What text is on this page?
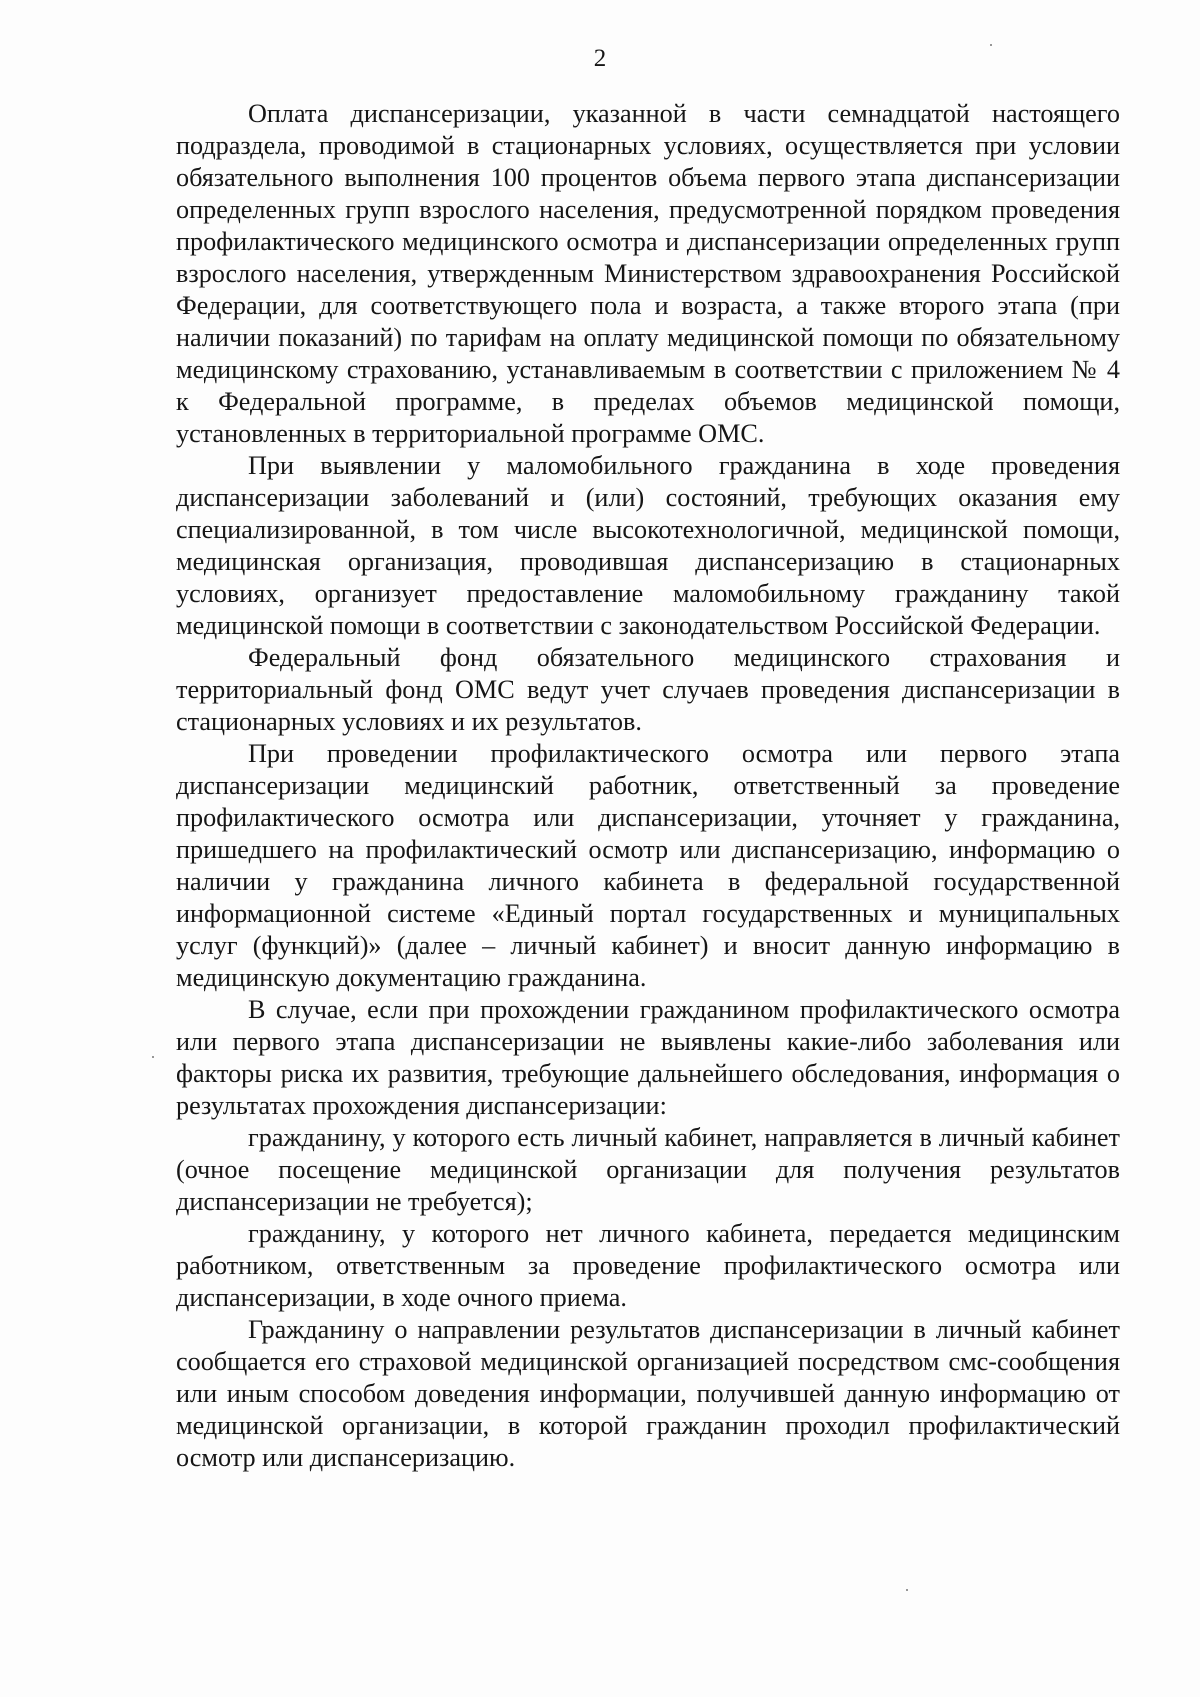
2

Оплата диспансеризации, указанной в части семнадцатой настоящего подраздела, проводимой в стационарных условиях, осуществляется при условии обязательного выполнения 100 процентов объема первого этапа диспансеризации определенных групп взрослого населения, предусмотренной порядком проведения профилактического медицинского осмотра и диспансеризации определенных групп взрослого населения, утвержденным Министерством здравоохранения Российской Федерации, для соответствующего пола и возраста, а также второго этапа (при наличии показаний) по тарифам на оплату медицинской помощи по обязательному медицинскому страхованию, устанавливаемым в соответствии с приложением № 4 к Федеральной программе, в пределах объемов медицинской помощи, установленных в территориальной программе ОМС.

При выявлении у маломобильного гражданина в ходе проведения диспансеризации заболеваний и (или) состояний, требующих оказания ему специализированной, в том числе высокотехнологичной, медицинской помощи, медицинская организация, проводившая диспансеризацию в стационарных условиях, организует предоставление маломобильному гражданину такой медицинской помощи в соответствии с законодательством Российской Федерации.

Федеральный фонд обязательного медицинского страхования и территориальный фонд ОМС ведут учет случаев проведения диспансеризации в стационарных условиях и их результатов.

При проведении профилактического осмотра или первого этапа диспансеризации медицинский работник, ответственный за проведение профилактического осмотра или диспансеризации, уточняет у гражданина, пришедшего на профилактический осмотр или диспансеризацию, информацию о наличии у гражданина личного кабинета в федеральной государственной информационной системе «Единый портал государственных и муниципальных услуг (функций)» (далее – личный кабинет) и вносит данную информацию в медицинскую документацию гражданина.

В случае, если при прохождении гражданином профилактического осмотра или первого этапа диспансеризации не выявлены какие-либо заболевания или факторы риска их развития, требующие дальнейшего обследования, информация о результатах прохождения диспансеризации:

гражданину, у которого есть личный кабинет, направляется в личный кабинет (очное посещение медицинской организации для получения результатов диспансеризации не требуется);

гражданину, у которого нет личного кабинета, передается медицинским работником, ответственным за проведение профилактического осмотра или диспансеризации, в ходе очного приема.

Гражданину о направлении результатов диспансеризации в личный кабинет сообщается его страховой медицинской организацией посредством смс-сообщения или иным способом доведения информации, получившей данную информацию от медицинской организации, в которой гражданин проходил профилактический осмотр или диспансеризацию.
